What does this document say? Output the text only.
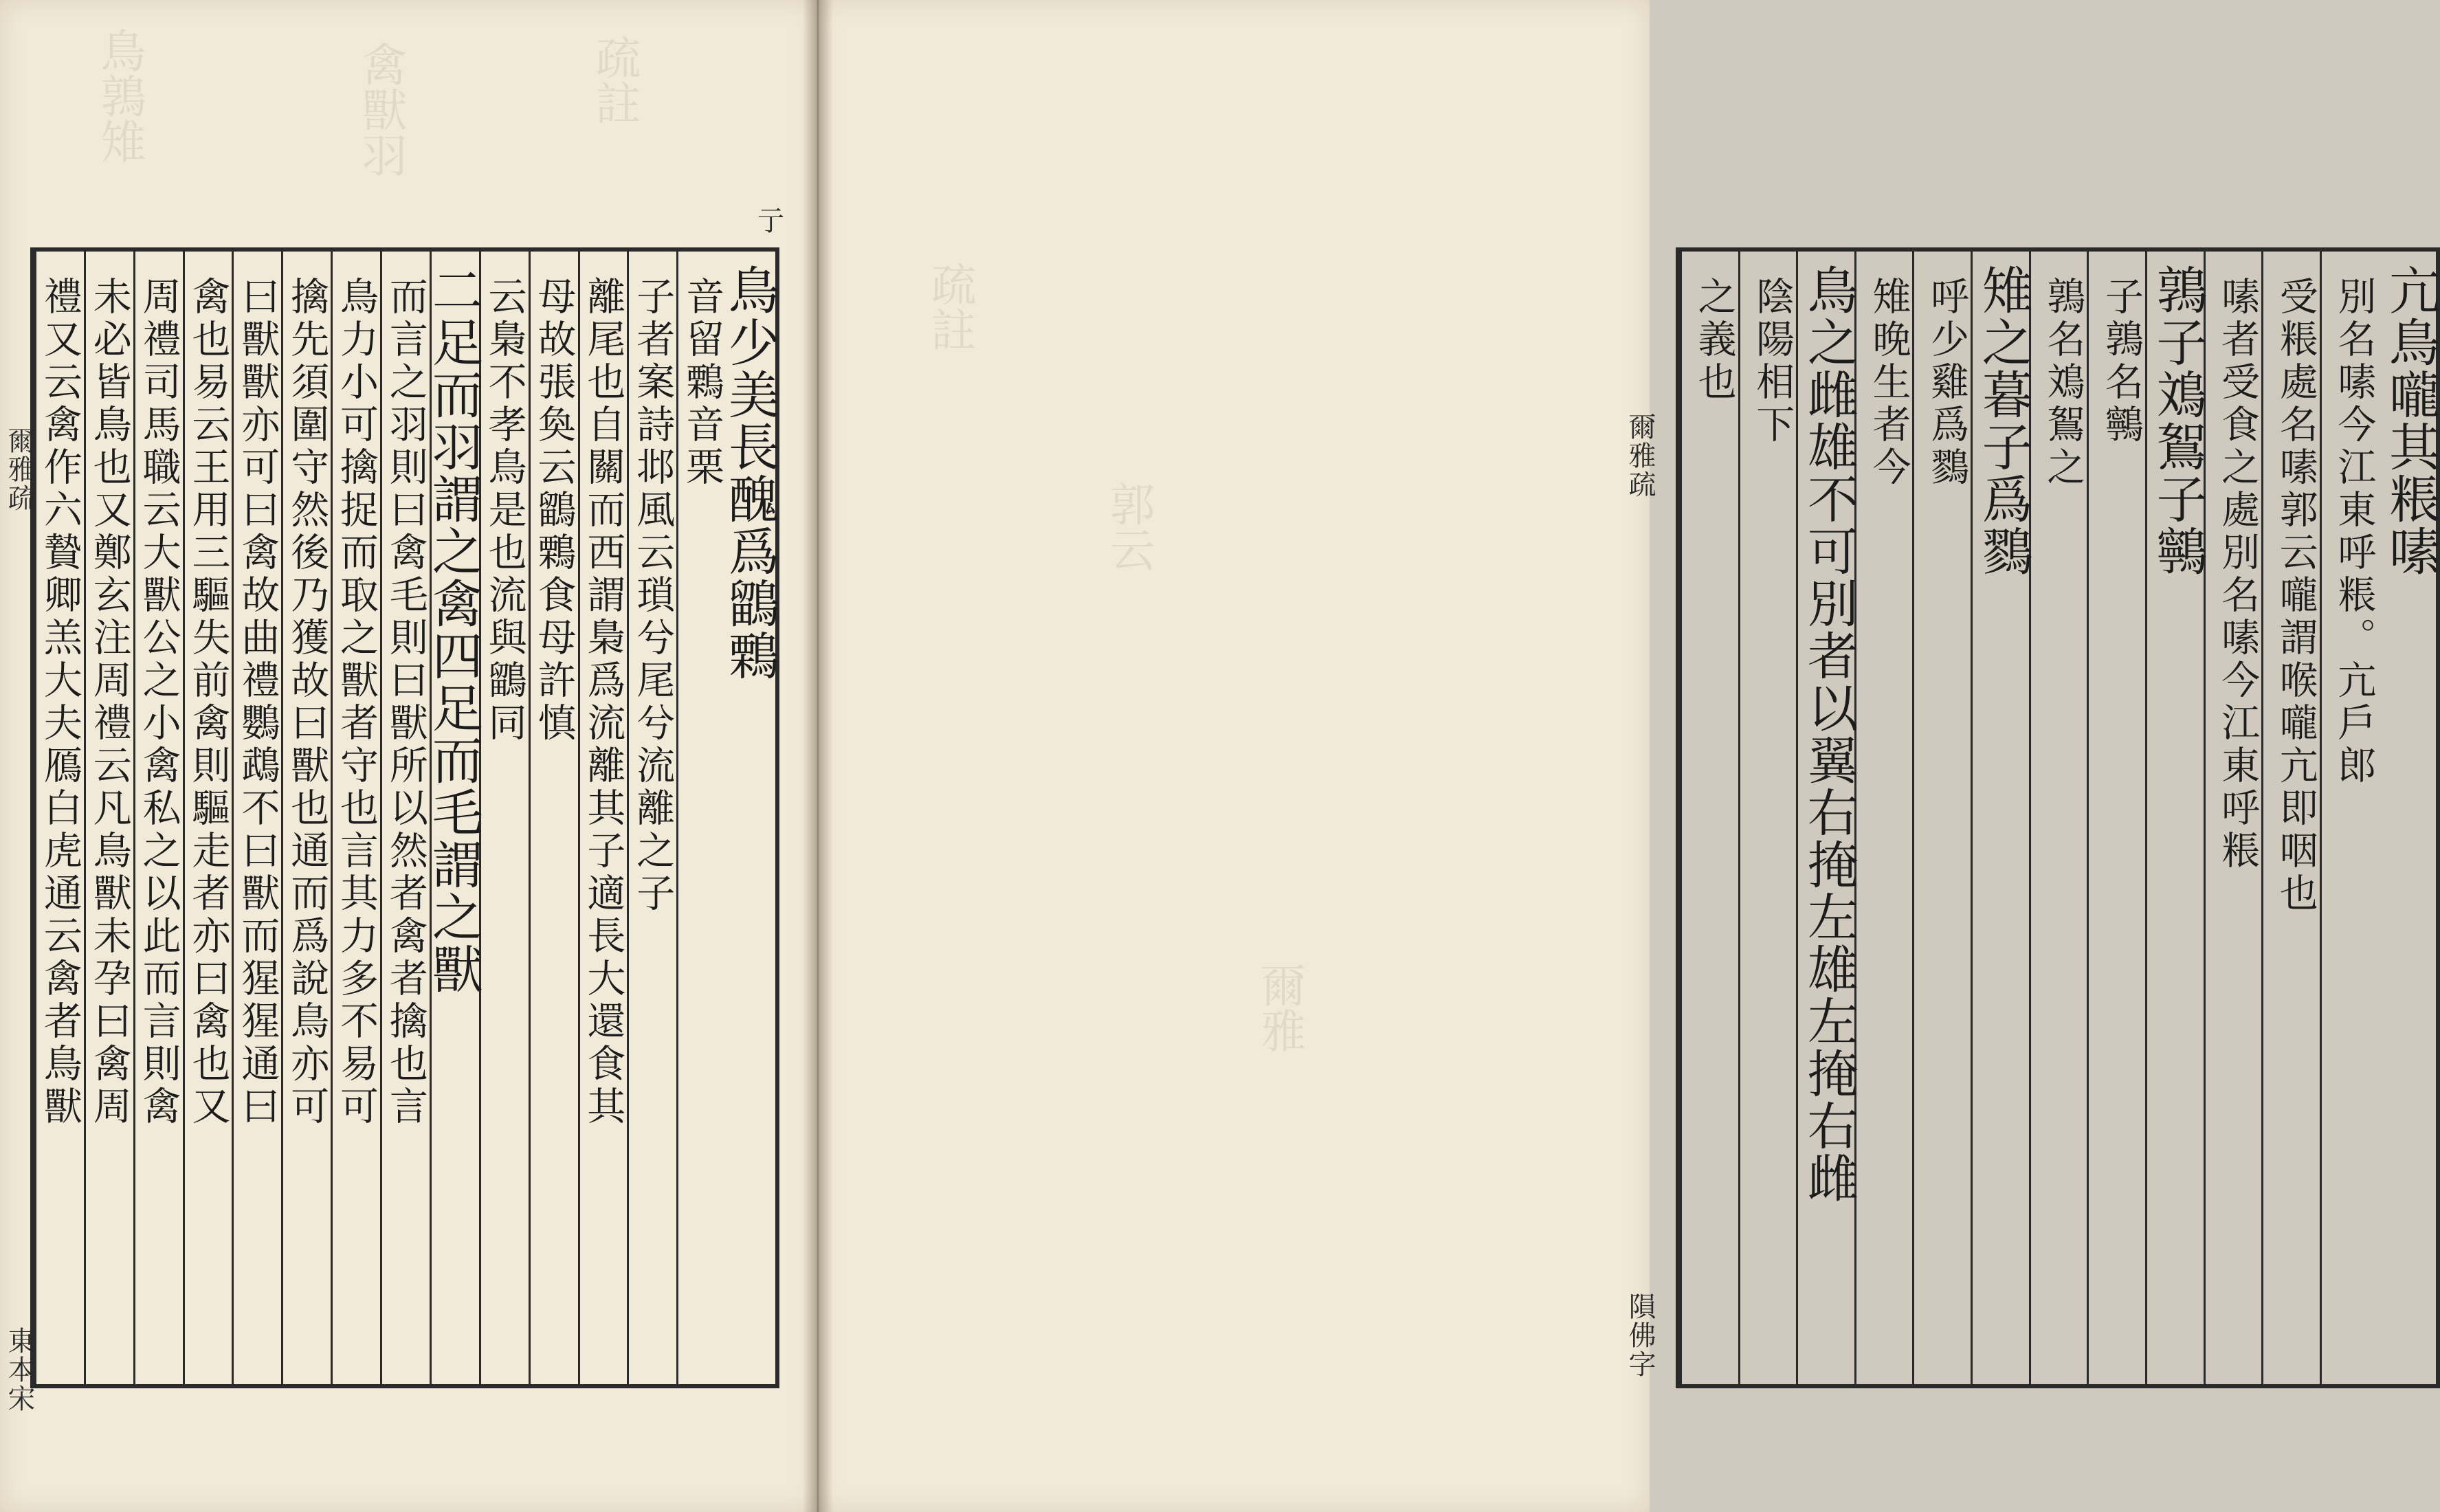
鳥鶉雉	禽獸羽	疏註
亍
爾雅疏
東本宋
鳥少美長醜爲鶹鷅
音留鷅音栗
子者案詩邶風云瑣兮尾兮流離之子
離尾也自關而西謂梟爲流離其子適長大還食其
母故張奐云鶹鷅食母許慎
云梟不孝鳥是也流與鶹同
二足而羽謂之禽四足而毛謂之獸
而言之羽則曰禽毛則曰獸所以然者禽者擒也言
鳥力小可擒捉而取之獸者守也言其力多不易可
擒先須圍守然後乃獲故曰獸也通而爲說鳥亦可
曰獸獸亦可曰禽故曲禮鸚鵡不曰獸而猩猩通曰
禽也易云王用三驅失前禽則驅走者亦曰禽也又
周禮司馬職云大獸公之小禽私之以此而言則禽
未必皆鳥也又鄭玄注周禮云凡鳥獸未孕曰禽周
禮又云禽作六贄卿羔大夫鴈白虎通云禽者鳥獸	疏註
郭云
爾雅
爾雅疏
隕佛字
亢鳥嚨其粻嗉
別名嗉今江東呼粻。亢戶郎
受粻處名嗉郭云嚨謂喉嚨亢即咽也
嗉者受食之處別名嗉今江東呼粻
鶉子鳼鴽子鸋
子鶉名鸋
鶉名鳼鴽之
雉之暮子爲鷚
呼少雞爲鷚
雉晚生者今
鳥之雌雄不可別者以翼右掩左雄左掩右雌
陰陽相下
之義也
